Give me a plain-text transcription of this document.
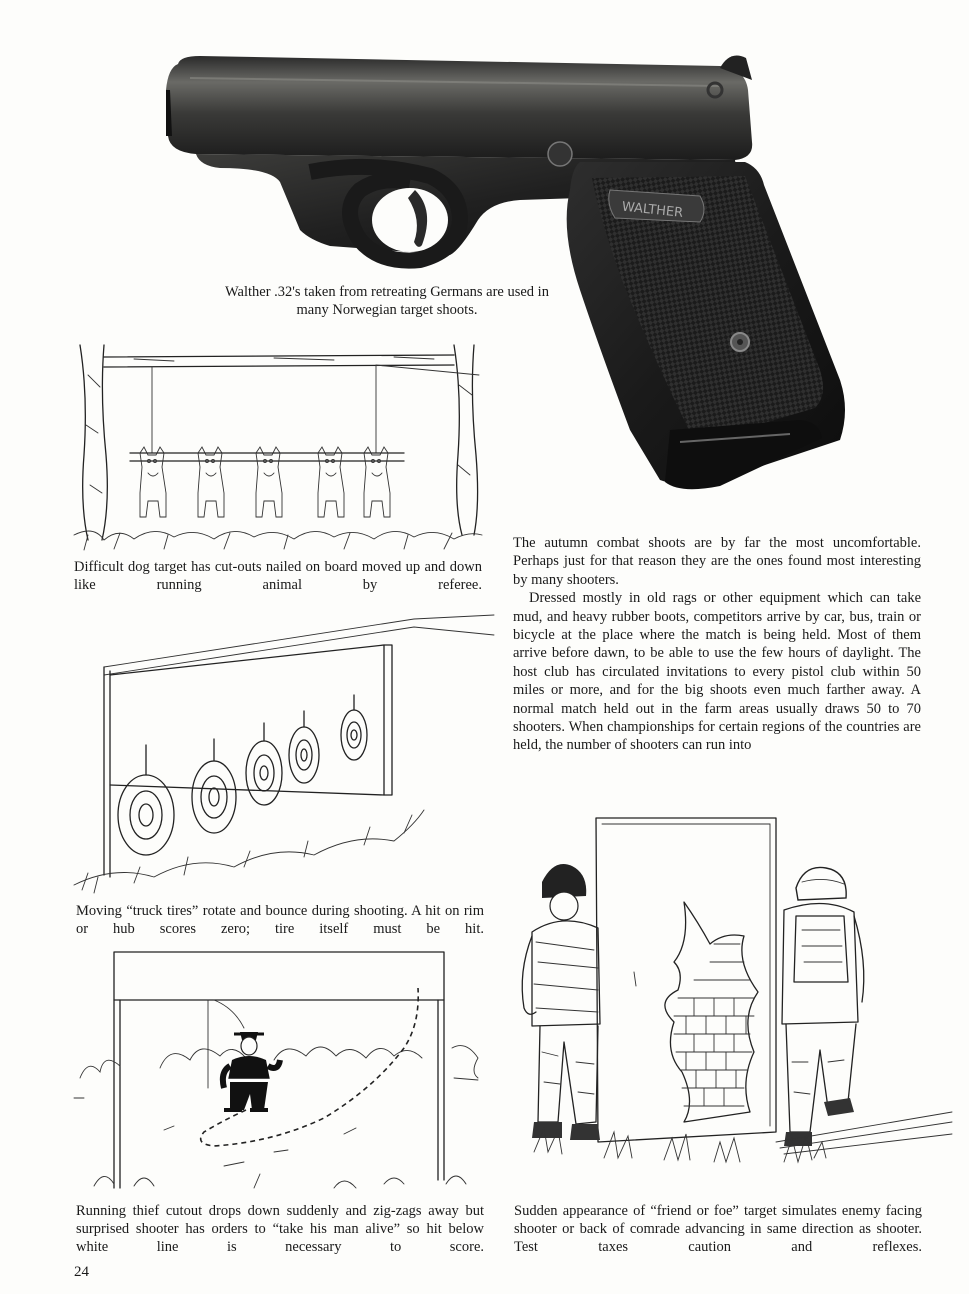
WALTHER
Walther .32's taken from retreating Germans are used in many Norwegian target shoots.
Difficult dog target has cut-outs nailed on board moved up and down like running animal by referee.
Moving “truck tires” rotate and bounce during shooting. A hit on rim or hub scores zero; tire itself must be hit.
Running thief cutout drops down suddenly and zig-zags away but surprised shooter has orders to “take his man alive” so hit below white line is necessary to score.

The autumn combat shoots are by far the most uncomfortable. Perhaps just for that reason they are the ones found most interesting by many shooters.

Dressed mostly in old rags or other equipment which can take mud, and heavy rubber boots, competitors arrive by car, bus, train or bicycle at the place where the match is being held. Most of them arrive before dawn, to be able to use the few hours of daylight. The host club has circulated invitations to every pistol club within 50 miles or more, and for the big shoots even much farther away. A normal match held out in the farm areas usually draws 50 to 70 shooters. When championships for certain regions of the countries are held, the number of shooters can run into

Sudden appearance of “friend or foe” target simulates enemy facing shooter or back of comrade advancing in same direction as shooter. Test taxes caution and reflexes.
24
